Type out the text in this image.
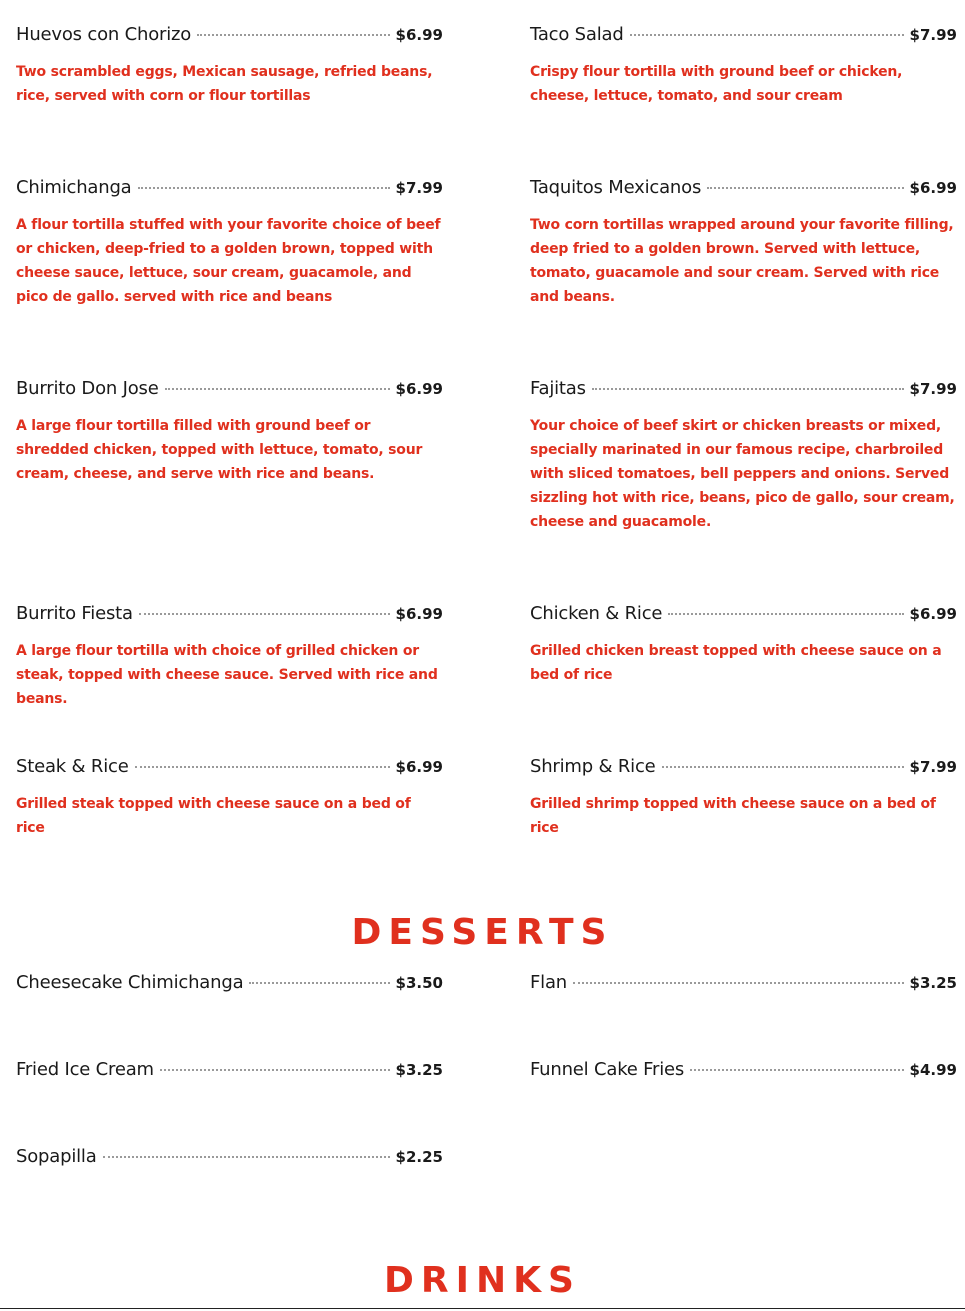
Huevos con Chorizo	$6.99
Two scrambled eggs, Mexican sausage, refried beans, rice, served with corn or flour tortillas
Taco Salad	$7.99
Crispy flour tortilla with ground beef or chicken, cheese, lettuce, tomato, and sour cream
Chimichanga	$7.99
A flour tortilla stuffed with your favorite choice of beef or chicken, deep-fried to a golden brown, topped with cheese sauce, lettuce, sour cream, guacamole, and pico de gallo. served with rice and beans
Taquitos Mexicanos	$6.99
Two corn tortillas wrapped around your favorite filling, deep fried to a golden brown. Served with lettuce, tomato, guacamole and sour cream. Served with rice and beans.
Burrito Don Jose	$6.99
A large flour tortilla filled with ground beef or shredded chicken, topped with lettuce, tomato, sour cream, cheese, and serve with rice and beans.
Fajitas	$7.99
Your choice of beef skirt or chicken breasts or mixed, specially marinated in our famous recipe, charbroiled with sliced tomatoes, bell peppers and onions. Served sizzling hot with rice, beans, pico de gallo, sour cream, cheese and guacamole.
Burrito Fiesta	$6.99
A large flour tortilla with choice of grilled chicken or steak, topped with cheese sauce. Served with rice and beans.
Chicken & Rice	$6.99
Grilled chicken breast topped with cheese sauce on a bed of rice
Steak & Rice	$6.99
Grilled steak topped with cheese sauce on a bed of rice
Shrimp & Rice	$7.99
Grilled shrimp topped with cheese sauce on a bed of rice
DESSERTS
Cheesecake Chimichanga	$3.50	Flan	$3.25
Fried Ice Cream	$3.25	Funnel Cake Fries	$4.99
Sopapilla	$2.25
DRINKS
